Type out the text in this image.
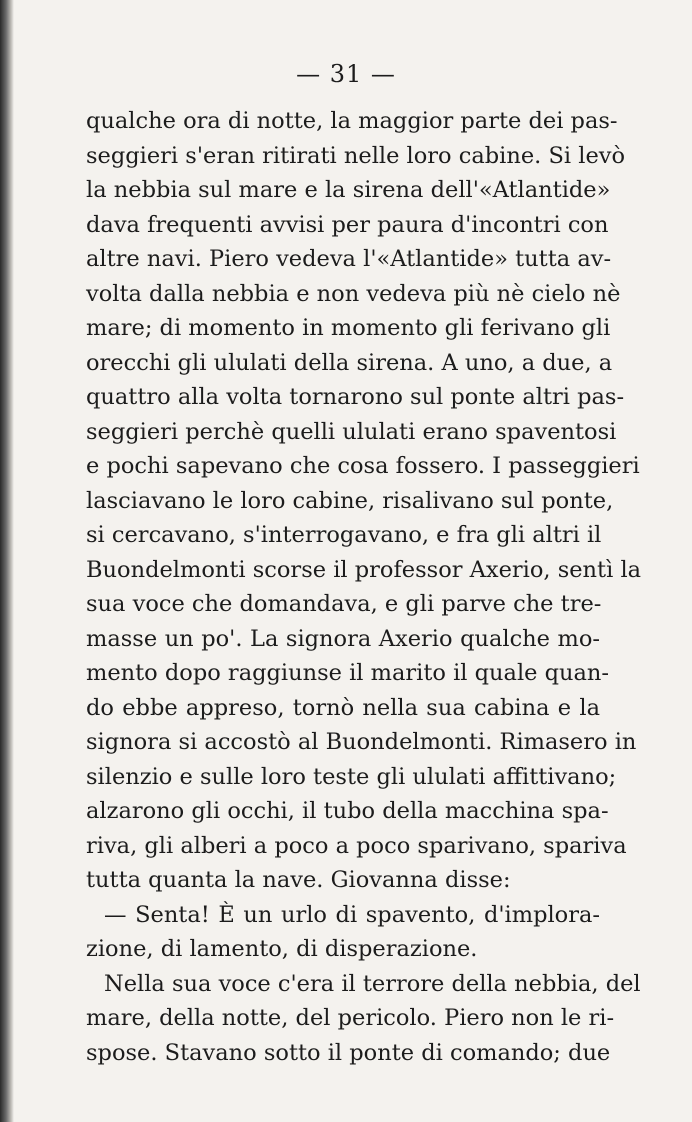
— 31 —
qualche ora di notte, la maggior parte dei pas-
seggieri s'eran ritirati nelle loro cabine. Si levò
la nebbia sul mare e la sirena dell'«Atlantide»
dava frequenti avvisi per paura d'incontri con
altre navi. Piero vedeva l'«Atlantide» tutta av-
volta dalla nebbia e non vedeva più nè cielo nè
mare; di momento in momento gli ferivano gli
orecchi gli ululati della sirena. A uno, a due, a
quattro alla volta tornarono sul ponte altri pas-
seggieri perchè quelli ululati erano spaventosi
e pochi sapevano che cosa fossero. I passeggieri
lasciavano le loro cabine, risalivano sul ponte,
si cercavano, s'interrogavano, e fra gli altri il
Buondelmonti scorse il professor Axerio, sentì la
sua voce che domandava, e gli parve che tre-
masse un po'. La signora Axerio qualche mo-
mento dopo raggiunse il marito il quale quan-
do ebbe appreso, tornò nella sua cabina e la
signora si accostò al Buondelmonti. Rimasero in
silenzio e sulle loro teste gli ululati affittivano;
alzarono gli occhi, il tubo della macchina spa-
riva, gli alberi a poco a poco sparivano, spariva
tutta quanta la nave. Giovanna disse:
— Senta! È un urlo di spavento, d'implora-
zione, di lamento, di disperazione.
Nella sua voce c'era il terrore della nebbia, del
mare, della notte, del pericolo. Piero non le ri-
spose. Stavano sotto il ponte di comando; due
